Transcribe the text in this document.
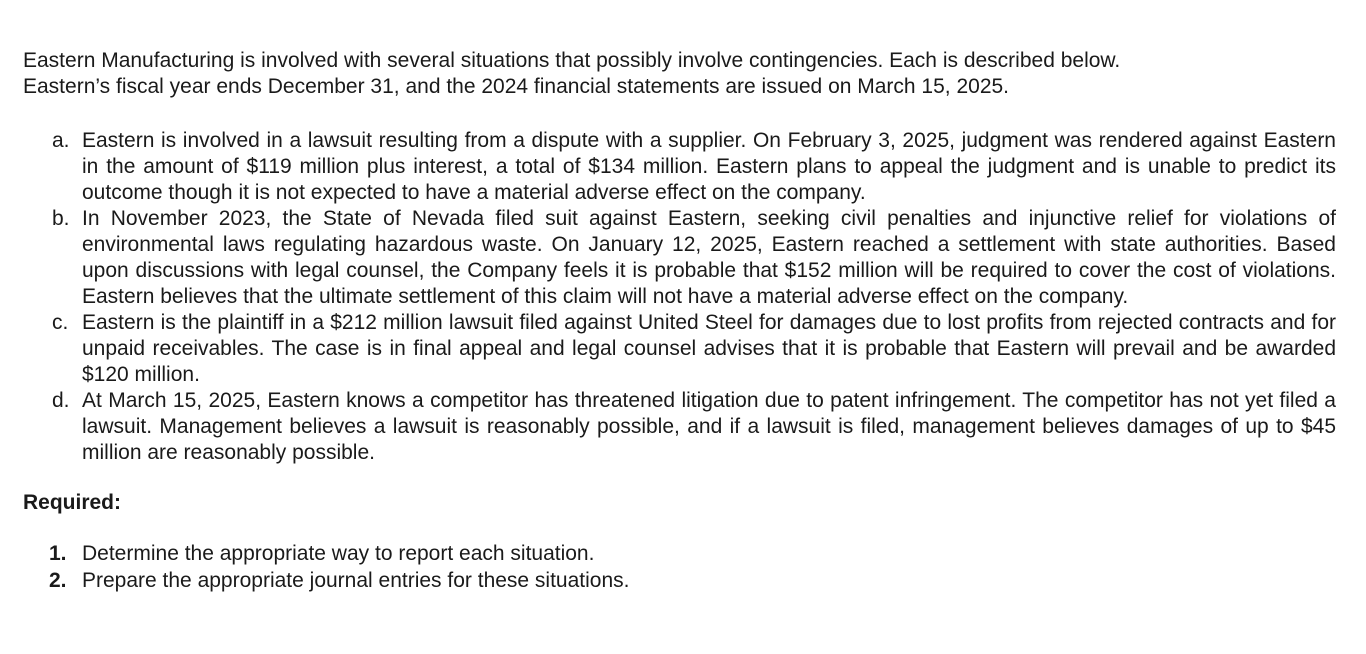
Eastern Manufacturing is involved with several situations that possibly involve contingencies. Each is described below.
Eastern’s fiscal year ends December 31, and the 2024 financial statements are issued on March 15, 2025.

a. Eastern is involved in a lawsuit resulting from a dispute with a supplier. On February 3, 2025, judgment was rendered against Eastern in the amount of $119 million plus interest, a total of $134 million. Eastern plans to appeal the judgment and is unable to predict its outcome though it is not expected to have a material adverse effect on the company.
b. In November 2023, the State of Nevada filed suit against Eastern, seeking civil penalties and injunctive relief for violations of environmental laws regulating hazardous waste. On January 12, 2025, Eastern reached a settlement with state authorities. Based upon discussions with legal counsel, the Company feels it is probable that $152 million will be required to cover the cost of violations. Eastern believes that the ultimate settlement of this claim will not have a material adverse effect on the company.
c. Eastern is the plaintiff in a $212 million lawsuit filed against United Steel for damages due to lost profits from rejected contracts and for unpaid receivables. The case is in final appeal and legal counsel advises that it is probable that Eastern will prevail and be awarded $120 million.
d. At March 15, 2025, Eastern knows a competitor has threatened litigation due to patent infringement. The competitor has not yet filed a lawsuit. Management believes a lawsuit is reasonably possible, and if a lawsuit is filed, management believes damages of up to $45 million are reasonably possible.

Required:

1. Determine the appropriate way to report each situation.
2. Prepare the appropriate journal entries for these situations.
